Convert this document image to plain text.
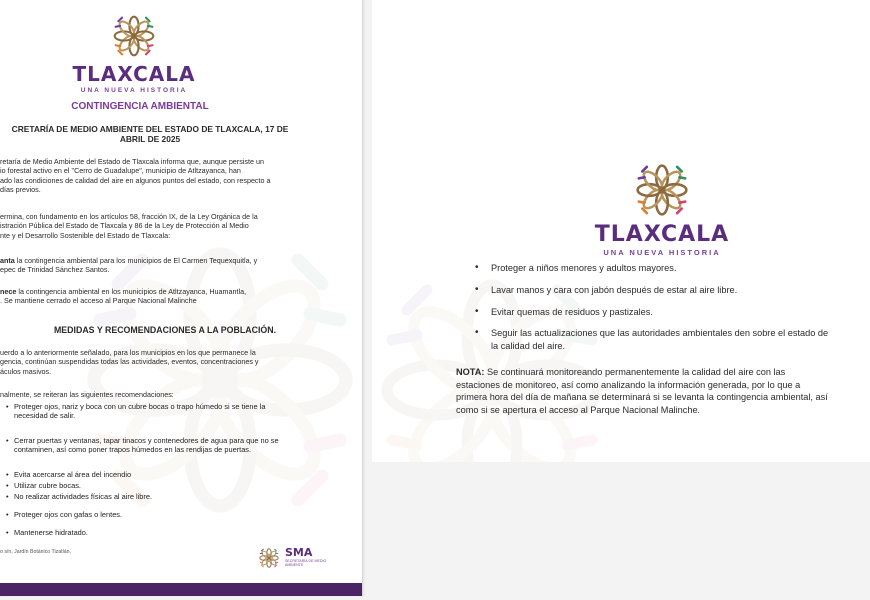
TLAXCALA
UNA NUEVA HISTORIA
CONTINGENCIA AMBIENTAL
CRETARÍA DE MEDIO AMBIENTE DEL ESTADO DE TLAXCALA, 17 DE
ABRIL DE 2025
retaría de Medio Ambiente del Estado de Tlaxcala informa que, aunque persiste un
io forestal activo en el "Cerro de Guadalupe", municipio de Atltzayanca, han
ado las condiciones de calidad del aire en algunos puntos del estado, con respecto a
días previos.
ermina, con fundamento en los artículos 58, fracción IX, de la Ley Orgánica de la
istración Pública del Estado de Tlaxcala y 86 de la Ley de Protección al Medio
nte y el Desarrollo Sostenible del Estado de Tlaxcala:
anta la contingencia ambiental para los municipios de El Carmen Tequexquitla, y
epec de Trinidad Sánchez Santos.
nece la contingencia ambiental en los municipios de Atltzayanca, Huamantla,
. Se mantiene cerrado el acceso al Parque Nacional Malinche
MEDIDAS Y RECOMENDACIONES A LA POBLACIÓN.
uerdo a lo anteriormente señalado, para los municipios en los que permanece la
gencia, continúan suspendidas todas las actividades, eventos, concentraciones y
áculos masivos.
nalmente, se reiteran las siguientes recomendaciones:
• Proteger ojos, nariz y boca con un cubre bocas o trapo húmedo si se tiene la
necesidad de salir.
• Cerrar puertas y ventanas, tapar tinacos y contenedores de agua para que no se
contaminen, así como poner trapos húmedos en las rendijas de puertas.
• Evita acercarse al área del incendio
• Utilizar cubre bocas.
• No realizar actividades físicas al aire libre.
• Proteger ojos con gafas o lentes.
• Mantenerse hidratado.
o s/n, Jardín Botánico Tizatlán,	SMA
SECRETARÍA DE MEDIO
AMBIENTE
TLAXCALA
UNA NUEVA HISTORIA
• Proteger a niños menores y adultos mayores.
• Lavar manos y cara con jabón después de estar al aire libre.
• Evitar quemas de residuos y pastizales.
• Seguir las actualizaciones que las autoridades ambientales den sobre el estado de
la calidad del aire.
NOTA: Se continuará monitoreando permanentemente la calidad del aire con las
estaciones de monitoreo, así como analizando la información generada, por lo que a
primera hora del día de mañana se determinará si se levanta la contingencia ambiental, así
como si se apertura el acceso al Parque Nacional Malinche.
